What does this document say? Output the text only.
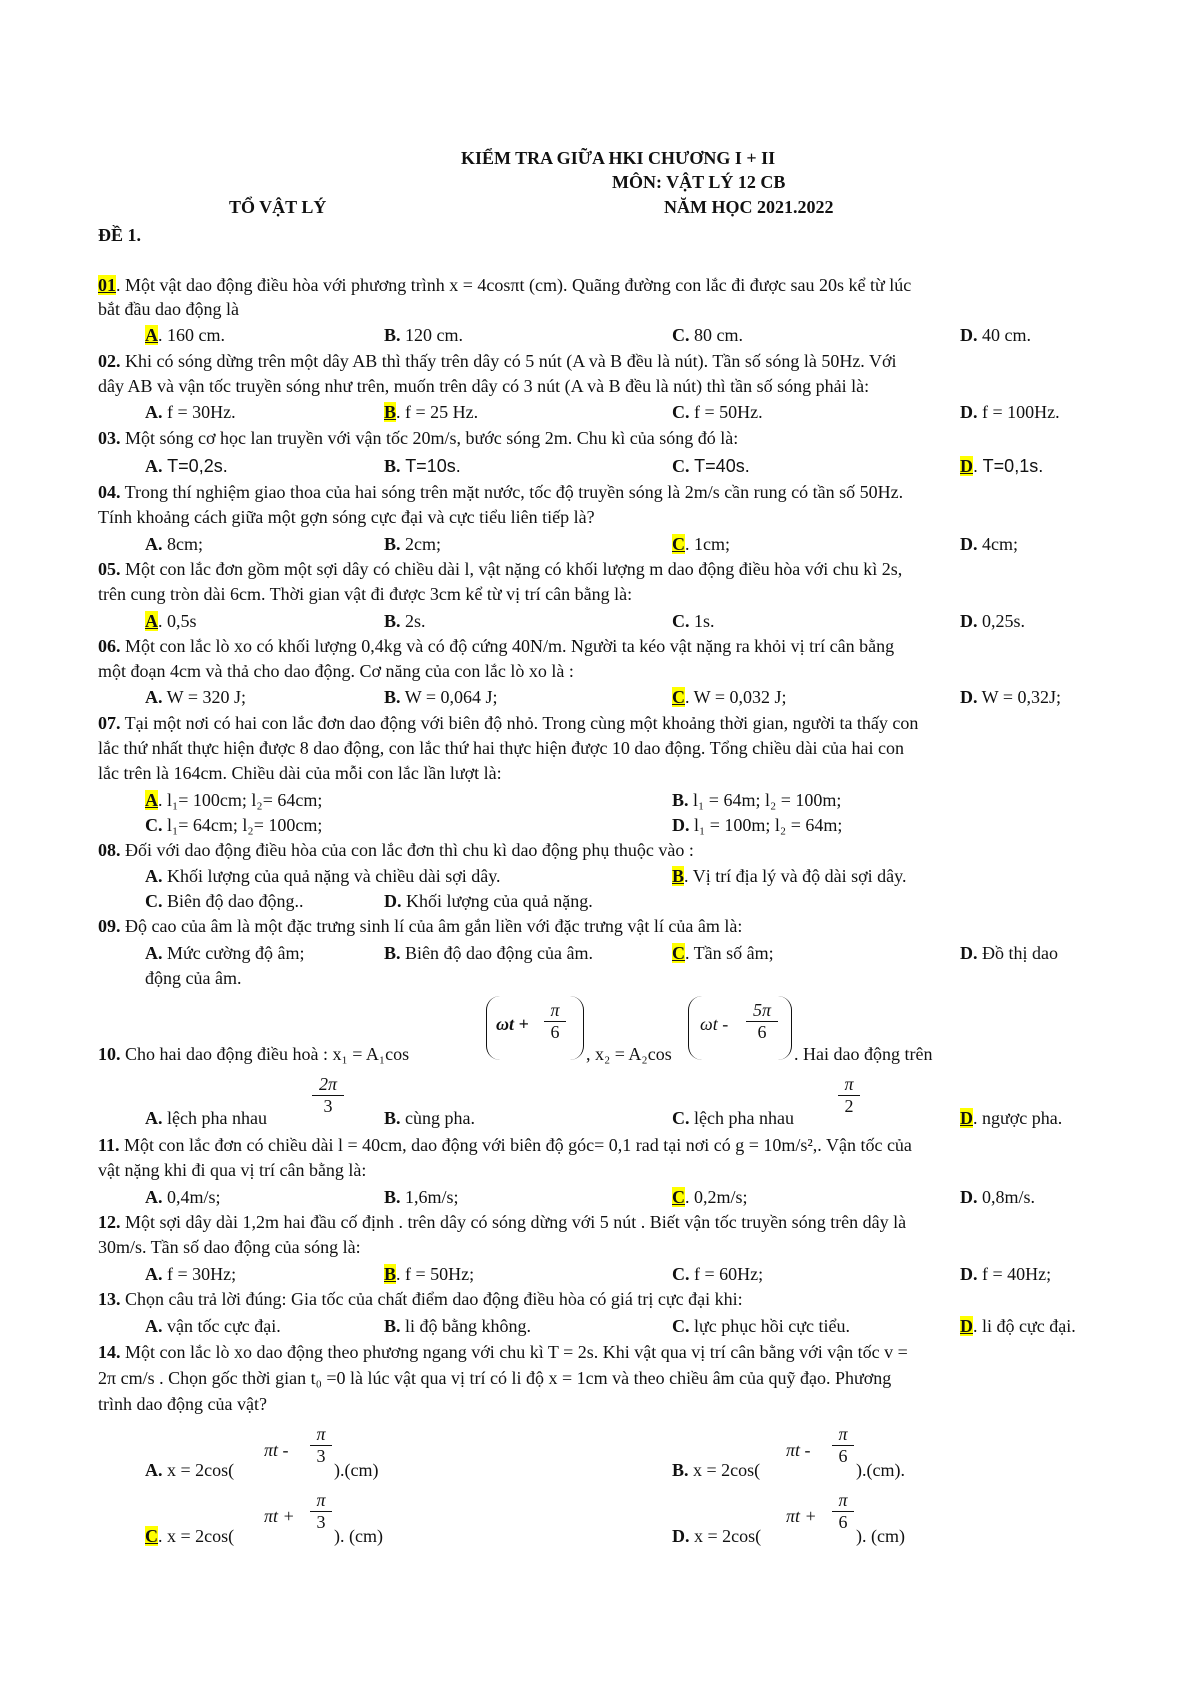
KIỂM TRA GIỮA HKI CHƯƠNG I + II
MÔN: VẬT LÝ 12 CB
TỔ VẬT LÝ	NĂM HỌC 2021.2022
ĐỀ 1.
01. Một vật dao động điều hòa với phương trình x = 4cosπt (cm). Quãng đường con lắc đi được sau 20s kể từ lúc
bắt đầu dao động là
A. 160 cm.	B. 120 cm.	C. 80 cm.	D. 40 cm.
02. Khi có sóng dừng trên một dây AB thì thấy trên dây có 5 nút (A và B đều là nút). Tần số sóng là 50Hz. Với
dây AB và vận tốc truyền sóng như trên, muốn trên dây có 3 nút (A và B đều là nút) thì tần số sóng phải là:
A. f = 30Hz.	B. f = 25 Hz.	C. f = 50Hz.	D. f = 100Hz.
03. Một sóng cơ học lan truyền với vận tốc 20m/s, bước sóng 2m. Chu kì của sóng đó là:
A. T=0,2s.	B. T=10s.	C. T=40s.	D. T=0,1s.
04. Trong thí nghiệm giao thoa của hai sóng trên mặt nước, tốc độ truyền sóng là 2m/s cần rung có tần số 50Hz.
Tính khoảng cách giữa một gợn sóng cực đại và cực tiểu liên tiếp là?
A. 8cm;	B. 2cm;	C. 1cm;	D. 4cm;
05. Một con lắc đơn gồm một sợi dây có chiều dài l, vật nặng có khối lượng m dao động điều hòa với chu kì 2s,
trên cung tròn dài 6cm. Thời gian vật đi được 3cm kể từ vị trí cân bằng là:
A. 0,5s	B. 2s.	C. 1s.	D. 0,25s.
06. Một con lắc lò xo có khối lượng 0,4kg và có độ cứng 40N/m. Người ta kéo vật nặng ra khỏi vị trí cân bằng
một đoạn 4cm và thả cho dao động. Cơ năng của con lắc lò xo là :
A. W = 320 J;	B. W = 0,064 J;	C. W = 0,032 J;	D. W = 0,32J;
07. Tại một nơi có hai con lắc đơn dao động với biên độ nhỏ. Trong cùng một khoảng thời gian, người ta thấy con
lắc thứ nhất thực hiện được 8 dao động, con lắc thứ hai thực hiện được 10 dao động. Tổng chiều dài của hai con
lắc trên là 164cm. Chiều dài của mỗi con lắc lần lượt là:
A. l₁= 100cm; l₂= 64cm;	B. l₁ = 64m; l₂ = 100m;
C. l₁= 64cm; l₂= 100cm;	D. l₁ = 100m; l₂ = 64m;
08. Đối với dao động điều hòa của con lắc đơn thì chu kì dao động phụ thuộc vào :
A. Khối lượng của quả nặng và chiều dài sợi dây.	B. Vị trí địa lý và độ dài sợi dây.
C. Biên độ dao động..	D. Khối lượng của quả nặng.
09. Độ cao của âm là một đặc trưng sinh lí của âm gắn liền với đặc trưng vật lí của âm là:
A. Mức cường độ âm;	B. Biên độ dao động của âm.	C. Tần số âm;	D. Đồ thị dao
động của âm.
10. Cho hai dao động điều hoà : x₁ = A₁cos
$\omega t + \frac{\pi}{6}$
, x₂ = A₂cos
ωt - $\frac{5\pi}{6}$
. Hai dao động trên
A. lệch pha nhau
$\frac{2\pi}{3}$
B. cùng pha.	C. lệch pha nhau
$\frac{\pi}{2}$
D. ngược pha.
11. Một con lắc đơn có chiều dài l = 40cm, dao động với biên độ góc= 0,1 rad tại nơi có g = 10m/s²,. Vận tốc của
vật nặng khi đi qua vị trí cân bằng là:
A. 0,4m/s;	B. 1,6m/s;	C. 0,2m/s;	D. 0,8m/s.
12. Một sợi dây dài 1,2m hai đầu cố định . trên dây có sóng dừng với 5 nút . Biết vận tốc truyền sóng trên dây là
30m/s. Tần số dao động của sóng là:
A. f = 30Hz;	B. f = 50Hz;	C. f = 60Hz;	D. f = 40Hz;
13. Chọn câu trả lời đúng: Gia tốc của chất điểm dao động điều hòa có giá trị cực đại khi:
A. vận tốc cực đại.	B. li độ bằng không.	C. lực phục hồi cực tiểu.	D. li độ cực đại.
14. Một con lắc lò xo dao động theo phương ngang với chu kì T = 2s. Khi vật qua vị trí cân bằng với vận tốc v =
2π cm/s . Chọn gốc thời gian t₀ =0 là lúc vật qua vị trí có li độ x = 1cm và theo chiều âm của quỹ đạo. Phương
trình dao động của vật?
A. x = 2cos(
πt - $\frac{\pi}{3}$
).(cm)	B. x = 2cos(
πt - $\frac{\pi}{6}$
).(cm).
C. x = 2cos(
$\pi t + \frac{\pi}{3}$
). (cm)	D. x = 2cos(
$\pi t + \frac{\pi}{6}$
). (cm)
